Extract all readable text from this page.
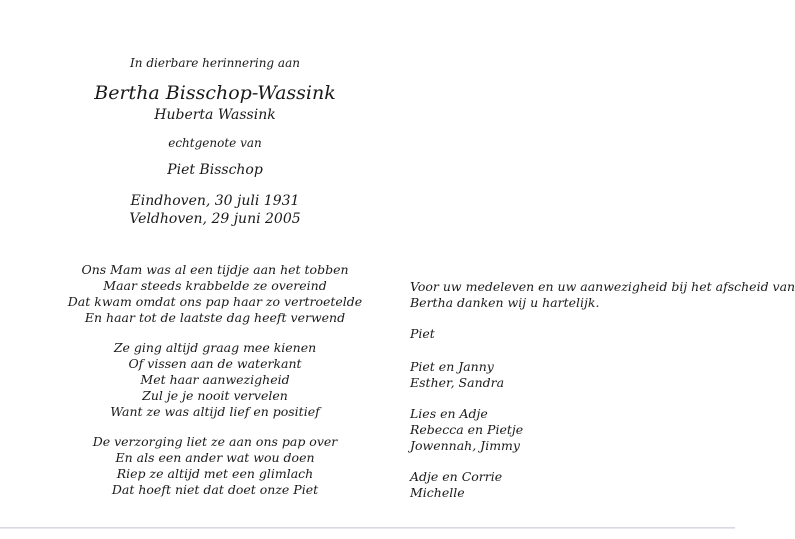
In dierbare herinnering aan
Bertha Bisschop-Wassink
Huberta Wassink
echtgenote van
Piet Bisschop
Eindhoven, 30 juli 1931
Veldhoven, 29 juni 2005
Ons Mam was al een tijdje aan het tobben
Maar steeds krabbelde ze overeind
Dat kwam omdat ons pap haar zo vertroetelde
En haar tot de laatste dag heeft verwend
Ze ging altijd graag mee kienen
Of vissen aan de waterkant
Met haar aanwezigheid
Zul je je nooit vervelen
Want ze was altijd lief en positief
De verzorging liet ze aan ons pap over
En als een ander wat wou doen
Riep ze altijd met een glimlach
Dat hoeft niet dat doet onze Piet
Voor uw medeleven en uw aanwezigheid bij het afscheid van
Bertha danken wij u hartelijk.
Piet
Piet en Janny
Esther, Sandra
Lies en Adje
Rebecca en Pietje
Jowennah, Jimmy
Adje en Corrie
Michelle
